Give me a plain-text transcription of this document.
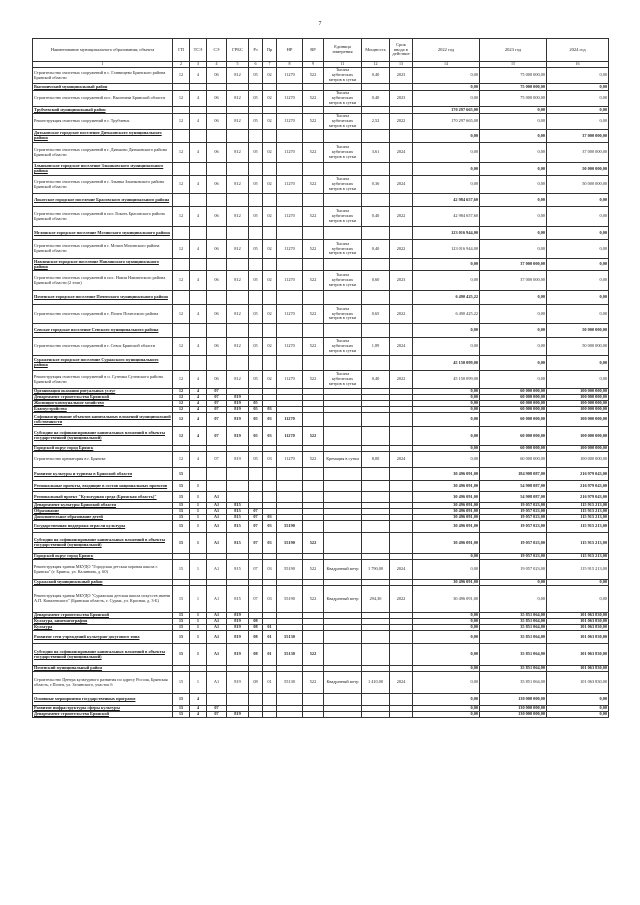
7
Наименование муниципального образования; объекта	ГП	ТСЭ	СЭ	ГРБС	Рз	Пр	НР	ВР	Единица измерения	Мощность	Срок ввода в действие	2022 год	2023 год	2024 год
1	2	3	4	5	6	7	8	9	11	12	13	14	15	16
Строительство очистных сооружений в с. Глинищево Брянского района Брянской области	12	4	06	812	05	02	11270	522	Тысяча кубических метров в сутки	0,40	2023	0,00	75 000 000,00	0,00
Выгоничский муниципальный район												0,00	75 000 000,00	0,00
Строительство очистных сооружений пос. Выгоничи Брянской области	12	4	06	812	05	02	11270	522	Тысяча кубических метров в сутки	0,40	2023	0,00	75 000 000,00	0,00
Трубчевский муниципальный район												170 297 665,00	0,00	0,00
Реконструкция очистных сооружений в г. Трубчевск	12	4	06	812	05	02	11270	522	Тысяча кубических метров в сутки	2,52	2022	170 297 665,00	0,00	0,00
Дятьковское городское поселение Дятьковского муниципального района												0,00	0,00	37 000 000,00
Строительство очистных сооружений в г. Дятьково Дятьковского района Брянской области	12	4	06	812	05	02	11270	522	Тысяча кубических метров в сутки	3,61	2024	0,00	0,00	37 000 000,00
Злынковское городское поселение Злынковского муниципального района												0,00	0,00	50 000 000,00
Строительство очистных сооружений в г. Злынка Злынковского района Брянской области	12	4	06	812	05	02	11270	522	Тысяча кубических метров в сутки	0,36	2024	0,00	0,00	50 000 000,00
Локотское городское поселение Брасовского муниципального района												42 984 657,60	0,00	0,00
Строительство очистных сооружений в пос Локоть Брасовского района Брянской области	12	4	06	812	05	02	11270	522	Тысяча кубических метров в сутки	0,40	2022	42 984 657,60	0,00	0,00
Мглинское городское поселение Мглинского муниципального района												123 016 944,00	0,00	0,00
Строительство очистных сооружений в г. Мглин Мглинского района Брянской области	12	4	06	812	05	02	11270	522	Тысяча кубических метров в сутки	0,40	2022	123 016 944,00	0,00	0,00
Навлинское городское поселение Навлинского муниципального района												0,00	37 000 000,00	0,00
Строительство очистных сооружений в пос. Навля Навлинского района Брянской области (2 этап)	12	4	06	812	05	02	11270	522	Тысяча кубических метров в сутки	0,60	2023	0,00	37 000 000,00	0,00
Почепское городское поселение Почепского муниципального района												6 490 425,22	0,00	0,00
Строительство очистных сооружений в г. Почеп Почепского района	12	4	06	812	05	02	11270	522	Тысяча кубических метров в сутки	0,65	2022	6 490 425,22	0,00	0,00
Севское городское поселение Севского муниципального района												0,00	0,00	50 000 000,00
Строительство очистных сооружений в г. Севск Брянской области	12	4	06	812	05	02	11270	522	Тысяча кубических метров в сутки	1,89	2024	0,00	0,00	50 000 000,00
Сураженское городское поселение Суражского муниципального района												45 150 099,00	0,00	0,00
Реконструкция очистных сооружений в п. Суземка Суземского района Брянской области	12	4	06	812	05	02	11270	522	Тысяча кубических метров в сутки	0,40	2022	45 150 099,00	0,00	0,00
Организация оказания ритуальных услуг	12	4	07									0,00	60 000 000,00	100 000 000,00
Департамент строительства Брянской	12	4	07	819								0,00	60 000 000,00	100 000 000,00
Жилищно-коммунальное хозяйство	12	4	07	819	05							0,00	60 000 000,00	100 000 000,00
Благоустройство	12	4	07	819	05	03						0,00	60 000 000,00	100 000 000,00
Софинансирование объектов капитальных вложений муниципальной собственности	12	4	07	819	05	03	11270					0,00	60 000 000,00	100 000 000,00
Субсидии на софинансирование капитальных вложений в объекты государственной (муниципальной)	12	4	07	819	05	03	11270	522				0,00	60 000 000,00	100 000 000,00
Городской округ город Брянск												0,00	60 000 000,00	100 000 000,00
Строительство крематория в г. Брянске	12	4	07	819	05	03	11270	522	Кремация в сутки	8,00	2024	0,00	60 000 000,00	100 000 000,00
Развитие культуры и туризма в Брянской области	15											30 496 091,00	184 908 087,00	216 979 043,00
Региональные проекты, входящие в состав национальных проектов	15	1										30 496 091,00	54 908 087,00	216 979 043,00
Региональный проект "Культурная среда (Брянская область)"	15	1	A1									30 496 091,00	54 908 087,00	216 979 043,00
Департамент культуры Брянской области	15	1	A1	815								30 496 091,00	19 057 023,00	115 915 213,00
Образование	15	1	A1	815	07							30 496 091,00	19 057 023,00	115 915 213,00
Дополнительное образование детей	15	1	A1	815	07	03						30 496 091,00	19 057 023,00	115 915 213,00
Государственная поддержка отрасли культуры	15	1	A1	815	07	03	55190					30 496 091,00	19 057 023,00	115 915 213,00
Субсидии на софинансирование капитальных вложений в объекты государственной (муниципальной)	15	1	A1	815	07	03	55190	522				30 496 091,00	19 057 023,00	115 915 213,00
Городской округ город Брянск												0,00	19 057 023,00	115 915 213,00
Реконструкция здания МБУДО "Городская детская хоровая школа г. Брянска" (г. Брянск, ул. Калинина, д. 60)	15	1	A1	815	07	03	55190	522	Квадратный метр	1 790,00	2024	0,00	19 057 023,00	115 915 213,00
Суражский муниципальный район												30 496 091,00	0,00	0,00
Реконструкция здания МБУДО "Суражская детская школа искусств имени А.П. Ковалевского" (Брянская область, г. Сураж, ул. Красная, д. 3-Б)	15	1	A1	815	07	03	55190	522	Квадратный метр	294,30	2022	30 496 091,00	0,00	0,00
Департамент строительства Брянской	15	1	A1	819								0,00	35 851 064,00	101 063 830,00
Культура, кинематография	15	1	A1	819	08							0,00	35 851 064,00	101 063 830,00
Культура	15	1	A1	819	08	01						0,00	35 851 064,00	101 063 830,00
Развитие сети учреждений культурно-досугового типа	15	1	A1	819	08	01	55130					0,00	35 851 064,00	101 063 830,00
Субсидии на софинансирование капитальных вложений в объекты государственной (муниципальной)	15	1	A1	819	08	01	55130	522				0,00	35 851 064,00	101 063 830,00
Почепский муниципальный район												0,00	35 851 064,00	101 063 830,00
Строительство Центра культурного развития по адресу Россия, Брянская область, г.Почеп, ул. Зелинского, участок 6	15	1	A1	819	08	01	55130	522	Квадратный метр	1 410,00	2024	0,00	35 851 064,00	101 063 830,00
Основные мероприятия государственных программ	15	4										0,00	130 000 000,00	0,00
Развитие инфраструктуры сферы культуры	15	4	07									0,00	130 000 000,00	0,00
Департамент строительства Брянской	15	4	07	819								0,00	130 000 000,00	0,00
